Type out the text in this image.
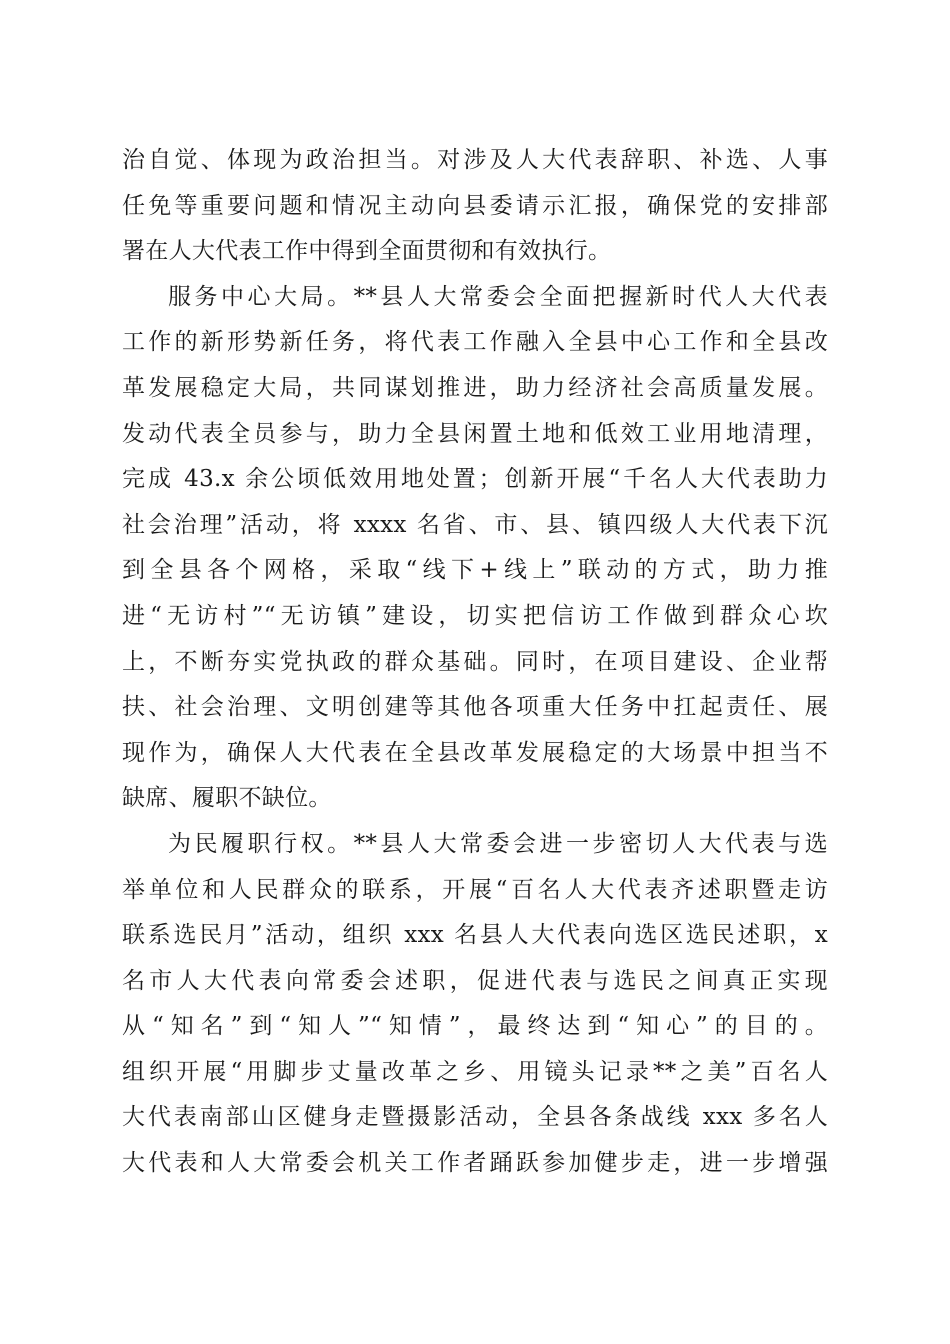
治自觉、体现为政治担当。对涉及人大代表辞职、补选、人事
任免等重要问题和情况主动向县委请示汇报，确保党的安排部
署在人大代表工作中得到全面贯彻和有效执行。
服务中心大局。**县人大常委会全面把握新时代人大代表
工作的新形势新任务，将代表工作融入全县中心工作和全县改
革发展稳定大局，共同谋划推进，助力经济社会高质量发展。
发动代表全员参与，助力全县闲置土地和低效工业用地清理，
完成 43.x 余公顷低效用地处置；创新开展“千名人大代表助力
社会治理”活动，将 xxxx 名省、市、县、镇四级人大代表下沉
到全县各个网格，采取“线下+线上”联动的方式，助力推
进“无访村”“无访镇”建设，切实把信访工作做到群众心坎
上，不断夯实党执政的群众基础。同时，在项目建设、企业帮
扶、社会治理、文明创建等其他各项重大任务中扛起责任、展
现作为，确保人大代表在全县改革发展稳定的大场景中担当不
缺席、履职不缺位。
为民履职行权。**县人大常委会进一步密切人大代表与选
举单位和人民群众的联系，开展“百名人大代表齐述职暨走访
联系选民月”活动，组织 xxx 名县人大代表向选区选民述职，x
名市人大代表向常委会述职，促进代表与选民之间真正实现
从“知名”到“知人”“知情”，最终达到“知心”的目的。
组织开展“用脚步丈量改革之乡、用镜头记录**之美”百名人
大代表南部山区健身走暨摄影活动，全县各条战线 xxx 多名人
大代表和人大常委会机关工作者踊跃参加健步走，进一步增强
